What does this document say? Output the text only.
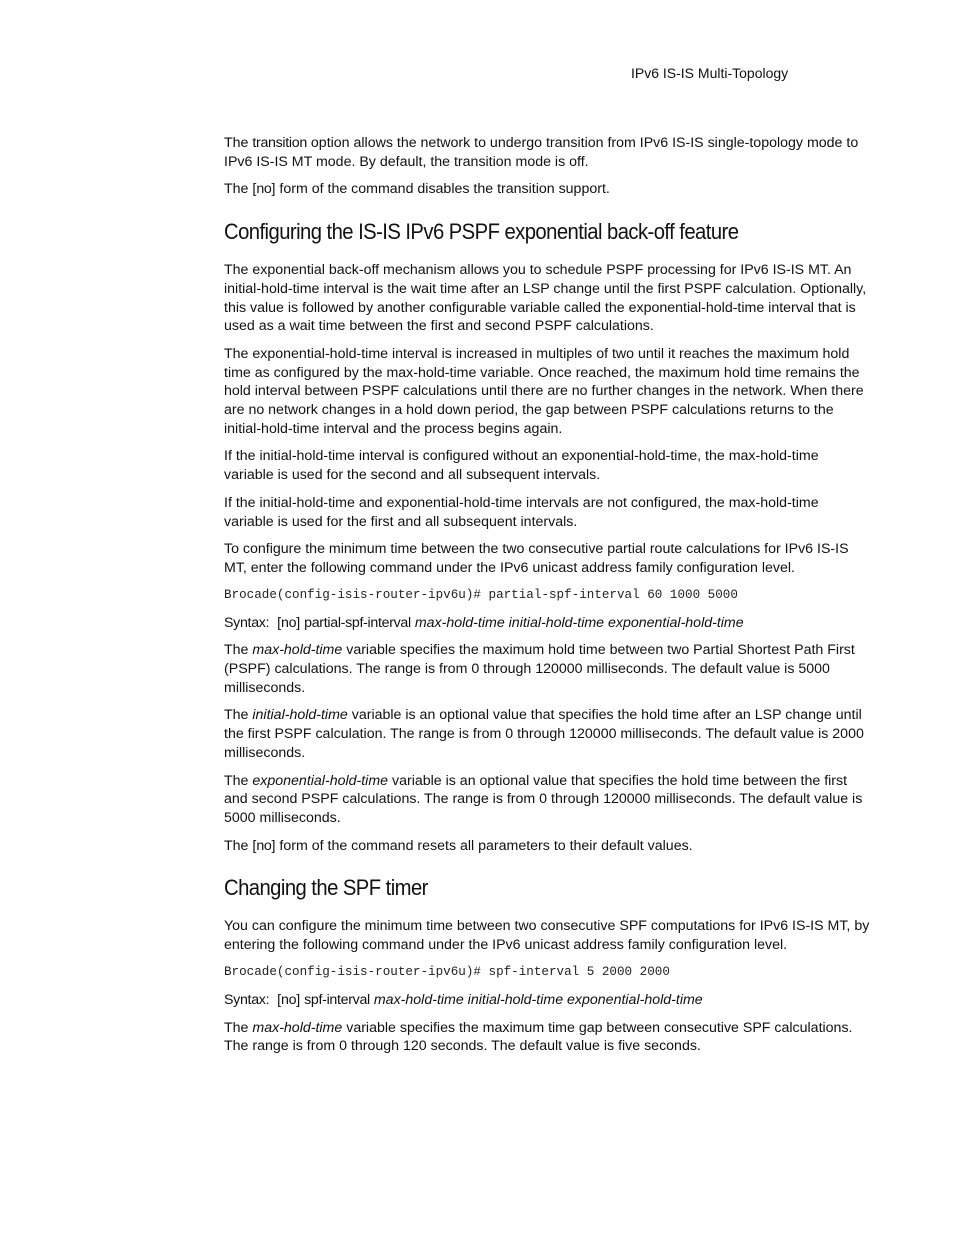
IPv6 IS-IS Multi-Topology

The transition option allows the network to undergo transition from IPv6 IS-IS single-topology mode to IPv6 IS-IS MT mode. By default, the transition mode is off.

The [no] form of the command disables the transition support.

Configuring the IS-IS IPv6 PSPF exponential back-off feature

The exponential back-off mechanism allows you to schedule PSPF processing for IPv6 IS-IS MT. An initial-hold-time interval is the wait time after an LSP change until the first PSPF calculation. Optionally, this value is followed by another configurable variable called the exponential-hold-time interval that is used as a wait time between the first and second PSPF calculations.

The exponential-hold-time interval is increased in multiples of two until it reaches the maximum hold time as configured by the max-hold-time variable. Once reached, the maximum hold time remains the hold interval between PSPF calculations until there are no further changes in the network. When there are no network changes in a hold down period, the gap between PSPF calculations returns to the initial-hold-time interval and the process begins again.

If the initial-hold-time interval is configured without an exponential-hold-time, the max-hold-time variable is used for the second and all subsequent intervals.

If the initial-hold-time and exponential-hold-time intervals are not configured, the max-hold-time variable is used for the first and all subsequent intervals.

To configure the minimum time between the two consecutive partial route calculations for IPv6 IS-IS MT, enter the following command under the IPv6 unicast address family configuration level.

Brocade(config-isis-router-ipv6u)# partial-spf-interval 60 1000 5000

Syntax:  [no] partial-spf-interval max-hold-time initial-hold-time exponential-hold-time

The max-hold-time variable specifies the maximum hold time between two Partial Shortest Path First (PSPF) calculations. The range is from 0 through 120000 milliseconds. The default value is 5000 milliseconds.

The initial-hold-time variable is an optional value that specifies the hold time after an LSP change until the first PSPF calculation. The range is from 0 through 120000 milliseconds. The default value is 2000 milliseconds.

The exponential-hold-time variable is an optional value that specifies the hold time between the first and second PSPF calculations. The range is from 0 through 120000 milliseconds. The default value is 5000 milliseconds.

The [no] form of the command resets all parameters to their default values.

Changing the SPF timer

You can configure the minimum time between two consecutive SPF computations for IPv6 IS-IS MT, by entering the following command under the IPv6 unicast address family configuration level.

Brocade(config-isis-router-ipv6u)# spf-interval 5 2000 2000

Syntax:  [no] spf-interval max-hold-time initial-hold-time exponential-hold-time

The max-hold-time variable specifies the maximum time gap between consecutive SPF calculations. The range is from 0 through 120 seconds. The default value is five seconds.
